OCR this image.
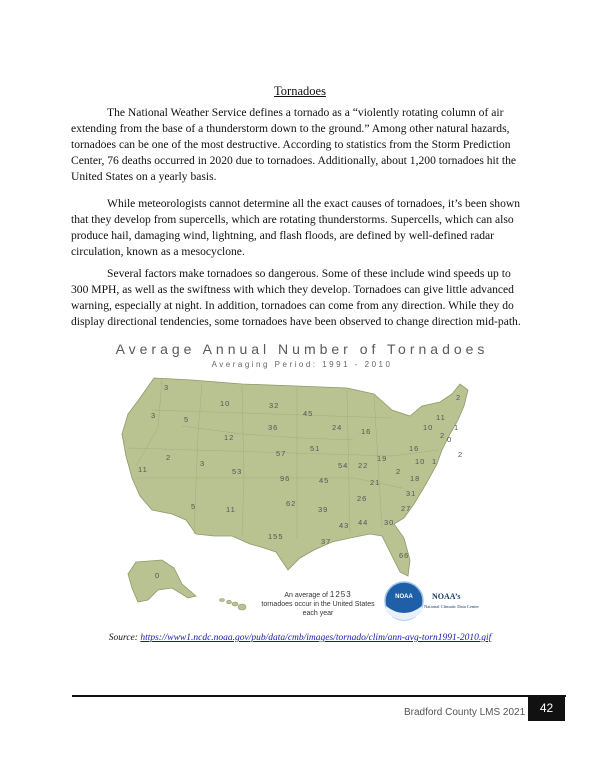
Tornadoes

The National Weather Service defines a tornado as a “violently rotating column of air extending from the base of a thunderstorm down to the ground.” Among other natural hazards, tornadoes can be one of the most destructive. According to statistics from the Storm Prediction Center, 76 deaths occurred in 2020 due to tornadoes. Additionally, about 1,200 tornadoes hit the United States on a yearly basis.

While meteorologists cannot determine all the exact causes of tornadoes, it’s been shown that they develop from supercells, which are rotating thunderstorms. Supercells, which can also produce hail, damaging wind, lightning, and flash floods, are defined by well-defined radar circulation, known as a mesocyclone.

Several factors make tornadoes so dangerous. Some of these include wind speeds up to 300 MPH, as well as the swiftness with which they develop. Tornadoes can give little advanced warning, especially at night. In addition, tornadoes can come from any direction. While they do display directional tendencies, some tornadoes have been observed to change direction mid-path.

Average Annual Number of Tornadoes
Averaging Period: 1991 - 2010
3
10	32
5
3	45	11
1
12
36	24 16	10
2
2
57
51	16
0
2
11
3
53
19
54 22
2
10 1
96	45	18
21
31
62
26
5	11	39	27
43 44 30
155
37
66
0
2
NOAA
An average of 1253
tornadoes occur in the United States
each year
NOAA’s
National Climatic Data Center
Source: https://www1.ncdc.noaa.gov/pub/data/cmb/images/tornado/clim/ann-avg-torn1991-2010.gif
Bradford County LMS 2021	42
